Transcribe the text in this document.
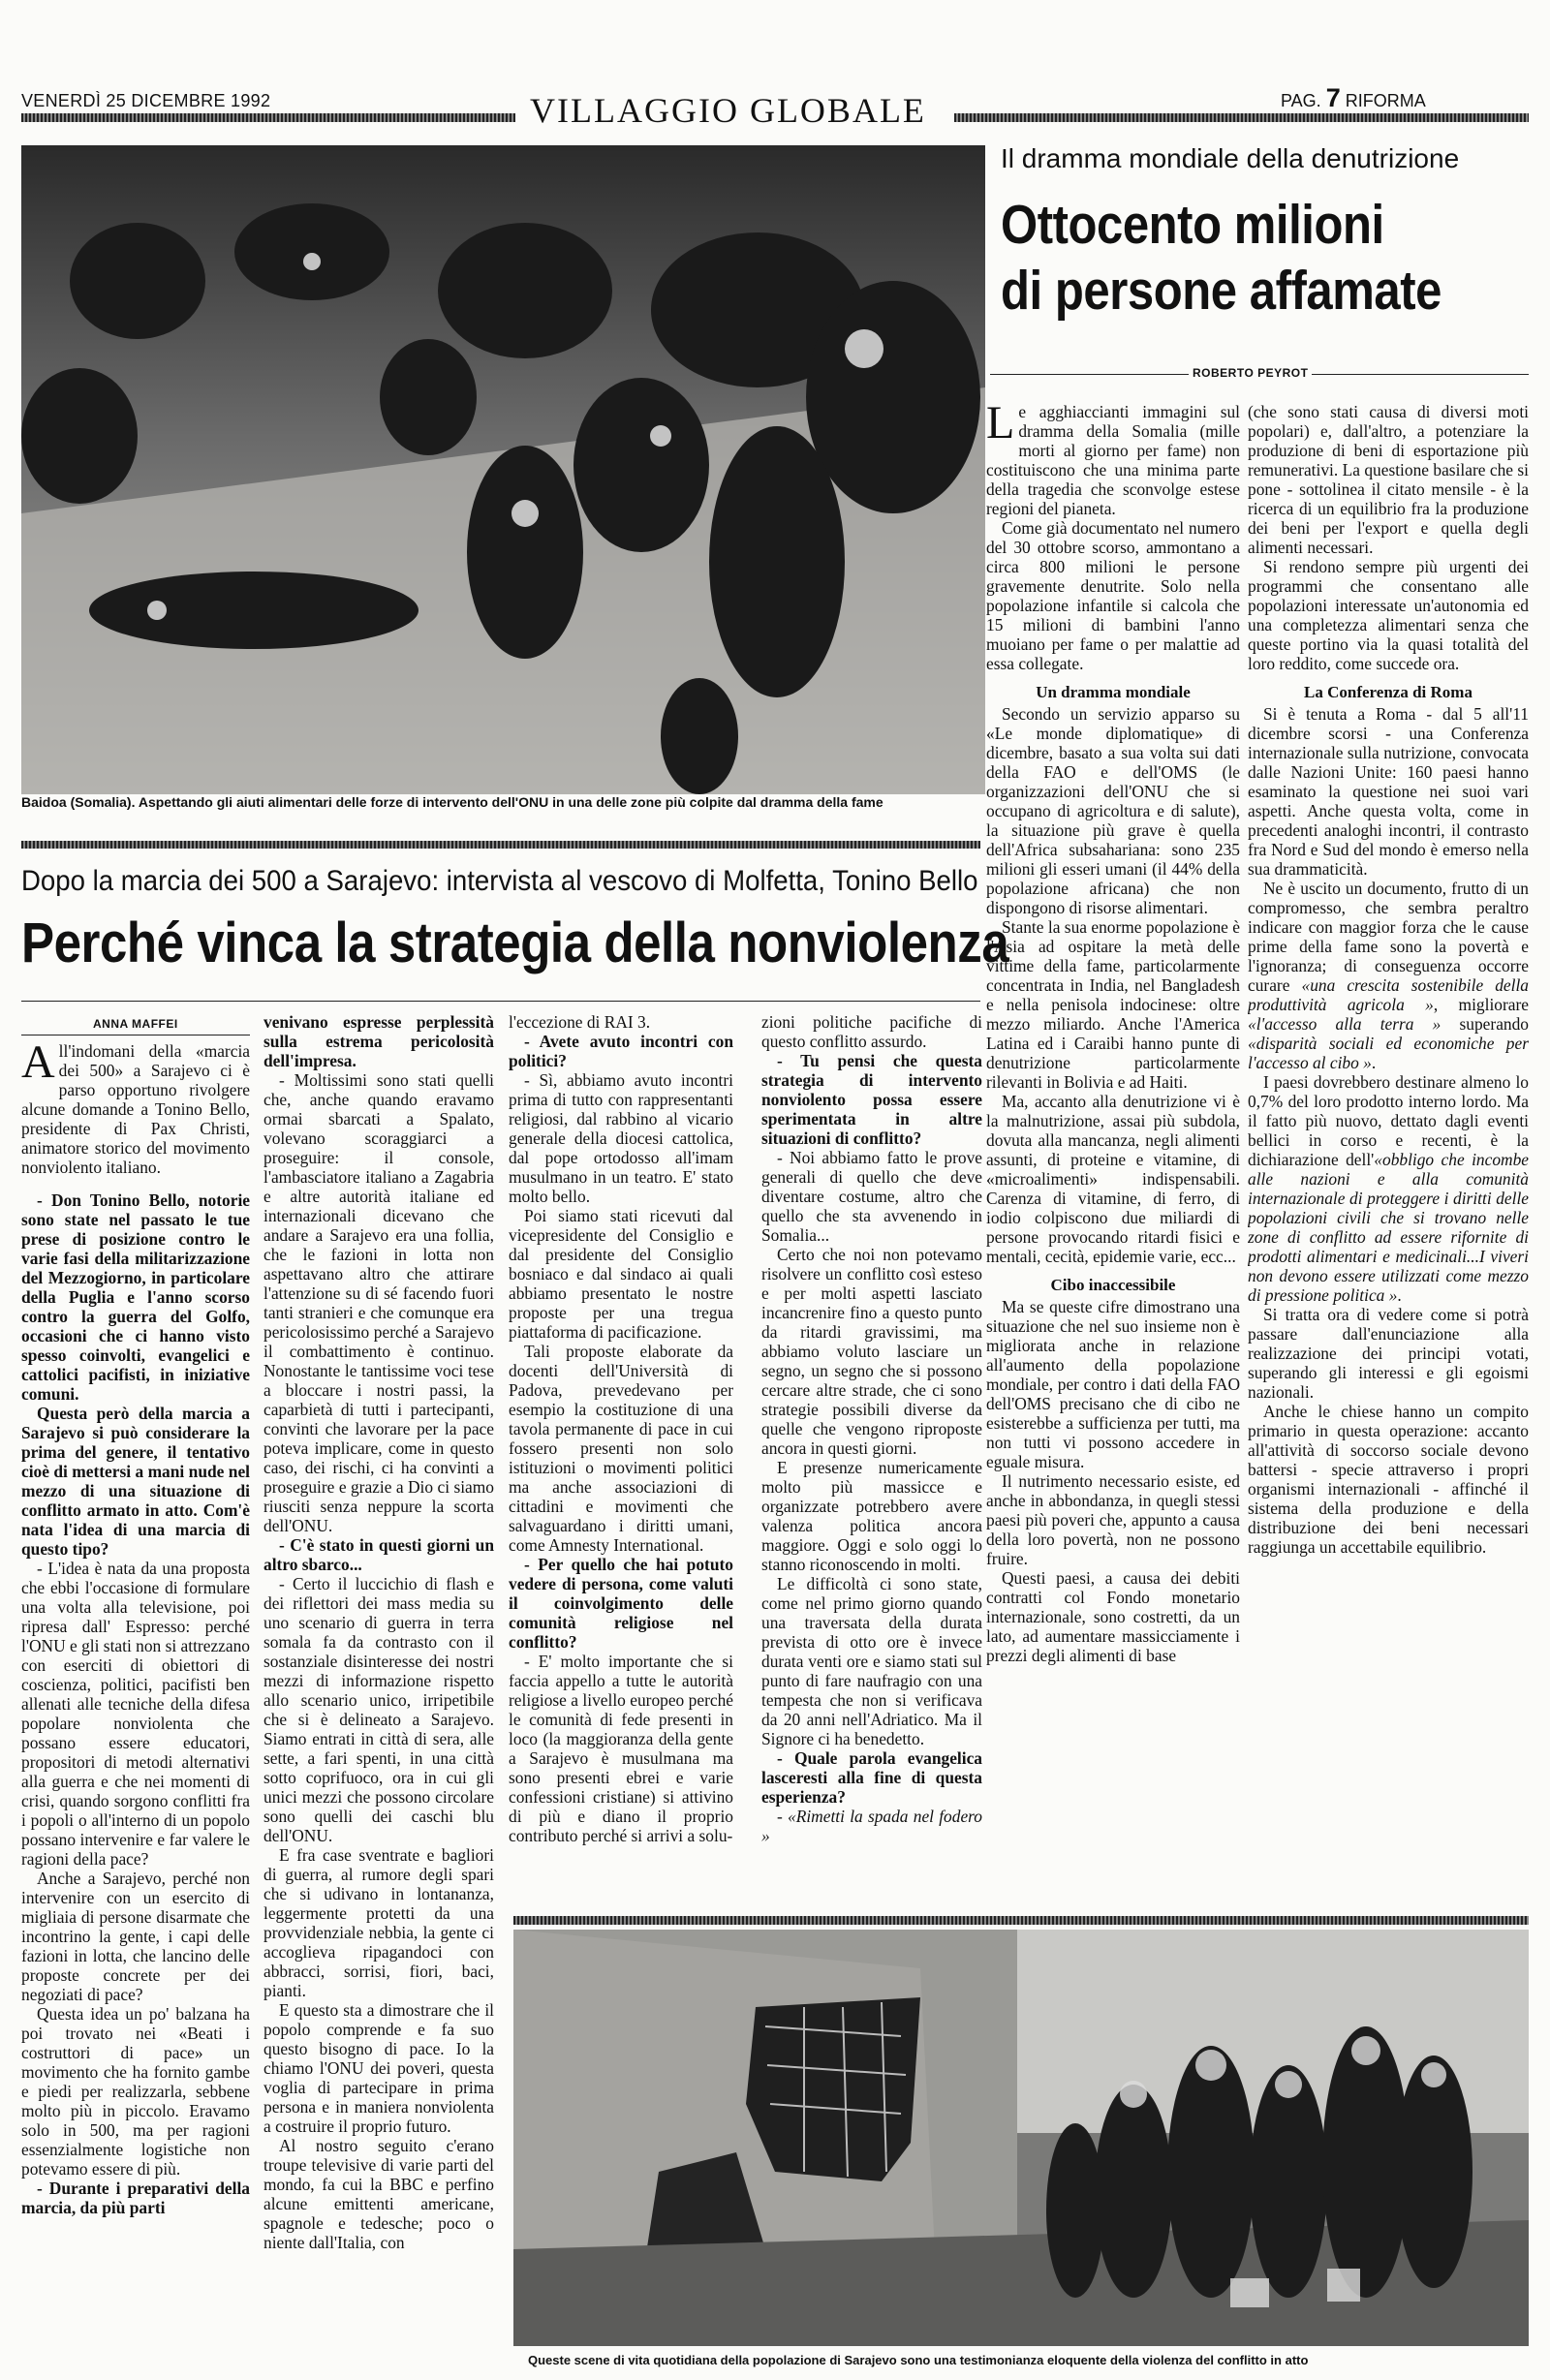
VENERDÌ 25 DICEMBRE 1992	VILLAGGIO GLOBALE	PAG. 7 RIFORMA
Baidoa (Somalia). Aspettando gli aiuti alimentari delle forze di intervento dell'ONU in una delle zone più colpite dal dramma della fame
Il dramma mondiale della denutrizione
Ottocento milioni
di persone affamate
ROBERTO PEYROT

Le agghiaccianti immagini sul dramma della Somalia (mille morti al giorno per fame) non costituiscono che una minima parte della tragedia che sconvolge estese regioni del pianeta.

Come già documentato nel numero del 30 ottobre scorso, ammontano a circa 800 milioni le persone gravemente denutrite. Solo nella popolazione infantile si calcola che 15 milioni di bambini l'anno muoiano per fame o per malattie ad essa collegate.

Un dramma mondiale

Secondo un servizio apparso su «Le monde diplomatique» di dicembre, basato a sua volta sui dati della FAO e dell'OMS (le organizzazioni dell'ONU che si occupano di agricoltura e di salute), la situazione più grave è quella dell'Africa subsahariana: sono 235 milioni gli esseri umani (il 44% della popolazione africana) che non dispongono di risorse alimentari.

Stante la sua enorme popolazione è l'Asia ad ospitare la metà delle vittime della fame, particolarmente concentrata in India, nel Bangladesh e nella penisola indocinese: oltre mezzo miliardo. Anche l'America Latina ed i Caraibi hanno punte di denutrizione particolarmente rilevanti in Bolivia e ad Haiti.

Ma, accanto alla denutrizione vi è la malnutrizione, assai più subdola, dovuta alla mancanza, negli alimenti assunti, di proteine e vitamine, di «microalimenti» indispensabili. Carenza di vitamine, di ferro, di iodio colpiscono due miliardi di persone provocando ritardi fisici e mentali, cecità, epidemie varie, ecc...

Cibo inaccessibile

Ma se queste cifre dimostrano una situazione che nel suo insieme non è migliorata anche in relazione all'aumento della popolazione mondiale, per contro i dati della FAO dell'OMS precisano che di cibo ne esisterebbe a sufficienza per tutti, ma non tutti vi possono accedere in eguale misura.

Il nutrimento necessario esiste, ed anche in abbondanza, in quegli stessi paesi più poveri che, appunto a causa della loro povertà, non ne possono fruire.

Questi paesi, a causa dei debiti contratti col Fondo monetario internazionale, sono costretti, da un lato, ad aumentare massicciamente i prezzi degli alimenti di base

(che sono stati causa di diversi moti popolari) e, dall'altro, a potenziare la produzione di beni di esportazione più remunerativi. La questione basilare che si pone - sottolinea il citato mensile - è la ricerca di un equilibrio fra la produzione dei beni per l'export e quella degli alimenti necessari.

Si rendono sempre più urgenti dei programmi che consentano alle popolazioni interessate un'autonomia ed una completezza alimentari senza che queste portino via la quasi totalità del loro reddito, come succede ora.

La Conferenza di Roma

Si è tenuta a Roma - dal 5 all'11 dicembre scorsi - una Conferenza internazionale sulla nutrizione, convocata dalle Nazioni Unite: 160 paesi hanno esaminato la questione nei suoi vari aspetti. Anche questa volta, come in precedenti analoghi incontri, il contrasto fra Nord e Sud del mondo è emerso nella sua drammaticità.

Ne è uscito un documento, frutto di un compromesso, che sembra peraltro indicare con maggior forza che le cause prime della fame sono la povertà e l'ignoranza; di conseguenza occorre curare «una crescita sostenibile della produttività agricola », migliorare «l'accesso alla terra » superando «disparità sociali ed economiche per l'accesso al cibo ».

I paesi dovrebbero destinare almeno lo 0,7% del loro prodotto interno lordo. Ma il fatto più nuovo, dettato dagli eventi bellici in corso e recenti, è la dichiarazione dell'«obbligo che incombe alle nazioni e alla comunità internazionale di proteggere i diritti delle popolazioni civili che si trovano nelle zone di conflitto ad essere rifornite di prodotti alimentari e medicinali...I viveri non devono essere utilizzati come mezzo di pressione politica ».

Si tratta ora di vedere come si potrà passare dall'enunciazione alla realizzazione dei principi votati, superando gli interessi e gli egoismi nazionali.

Anche le chiese hanno un compito primario in questa operazione: accanto all'attività di soccorso sociale devono battersi - specie attraverso i propri organismi internazionali - affinché il sistema della produzione e della distribuzione dei beni necessari raggiunga un accettabile equilibrio.

Dopo la marcia dei 500 a Sarajevo: intervista al vescovo di Molfetta, Tonino Bello
Perché vinca la strategia della nonviolenza
ANNA MAFFEI

All'indomani della «marcia dei 500» a Sarajevo ci è parso opportuno rivolgere alcune domande a Tonino Bello, presidente di Pax Christi, animatore storico del movimento nonviolento italiano.

- Don Tonino Bello, notorie sono state nel passato le tue prese di posizione contro le varie fasi della militarizzazione del Mezzogiorno, in particolare della Puglia e l'anno scorso contro la guerra del Golfo, occasioni che ci hanno visto spesso coinvolti, evangelici e cattolici pacifisti, in iniziative comuni.

Questa però della marcia a Sarajevo si può considerare la prima del genere, il tentativo cioè di mettersi a mani nude nel mezzo di una situazione di conflitto armato in atto. Com'è nata l'idea di una marcia di questo tipo?

- L'idea è nata da una proposta che ebbi l'occasione di formulare una volta alla televisione, poi ripresa dall' Espresso: perché l'ONU e gli stati non si attrezzano con eserciti di obiettori di coscienza, politici, pacifisti ben allenati alle tecniche della difesa popolare nonviolenta che possano essere educatori, propositori di metodi alternativi alla guerra e che nei momenti di crisi, quando sorgono conflitti fra i popoli o all'interno di un popolo possano intervenire e far valere le ragioni della pace?

Anche a Sarajevo, perché non intervenire con un esercito di migliaia di persone disarmate che incontrino la gente, i capi delle fazioni in lotta, che lancino delle proposte concrete per dei negoziati di pace?

Questa idea un po' balzana ha poi trovato nei «Beati i costruttori di pace» un movimento che ha fornito gambe e piedi per realizzarla, sebbene molto più in piccolo. Eravamo solo in 500, ma per ragioni essenzialmente logistiche non potevamo essere di più.

- Durante i preparativi della marcia, da più parti

venivano espresse perplessità sulla estrema pericolosità dell'impresa.

- Moltissimi sono stati quelli che, anche quando eravamo ormai sbarcati a Spalato, volevano scoraggiarci a proseguire: il console, l'ambasciatore italiano a Zagabria e altre autorità italiane ed internazionali dicevano che andare a Sarajevo era una follia, che le fazioni in lotta non aspettavano altro che attirare l'attenzione su di sé facendo fuori tanti stranieri e che comunque era pericolosissimo perché a Sarajevo il combattimento è continuo. Nonostante le tantissime voci tese a bloccare i nostri passi, la caparbietà di tutti i partecipanti, convinti che lavorare per la pace poteva implicare, come in questo caso, dei rischi, ci ha convinti a proseguire e grazie a Dio ci siamo riusciti senza neppure la scorta dell'ONU.

- C'è stato in questi giorni un altro sbarco...

- Certo il luccichio di flash e dei riflettori dei mass media su uno scenario di guerra in terra somala fa da contrasto con il sostanziale disinteresse dei nostri mezzi di informazione rispetto allo scenario unico, irripetibile che si è delineato a Sarajevo. Siamo entrati in città di sera, alle sette, a fari spenti, in una città sotto coprifuoco, ora in cui gli unici mezzi che possono circolare sono quelli dei caschi blu dell'ONU.

E fra case sventrate e bagliori di guerra, al rumore degli spari che si udivano in lontananza, leggermente protetti da una provvidenziale nebbia, la gente ci accoglieva ripagandoci con abbracci, sorrisi, fiori, baci, pianti.

E questo sta a dimostrare che il popolo comprende e fa suo questo bisogno di pace. Io la chiamo l'ONU dei poveri, questa voglia di partecipare in prima persona e in maniera nonviolenta a costruire il proprio futuro.

Al nostro seguito c'erano troupe televisive di varie parti del mondo, fa cui la BBC e perfino alcune emittenti americane, spagnole e tedesche; poco o niente dall'Italia, con

l'eccezione di RAI 3.

- Avete avuto incontri con politici?

- Sì, abbiamo avuto incontri prima di tutto con rappresentanti religiosi, dal rabbino al vicario generale della diocesi cattolica, dal pope ortodosso all'imam musulmano in un teatro. E' stato molto bello.

Poi siamo stati ricevuti dal vicepresidente del Consiglio e dal presidente del Consiglio bosniaco e dal sindaco ai quali abbiamo presentato le nostre proposte per una tregua piattaforma di pacificazione.

Tali proposte elaborate da docenti dell'Università di Padova, prevedevano per esempio la costituzione di una tavola permanente di pace in cui fossero presenti non solo istituzioni o movimenti politici ma anche associazioni di cittadini e movimenti che salvaguardano i diritti umani, come Amnesty International.

- Per quello che hai potuto vedere di persona, come valuti il coinvolgimento delle comunità religiose nel conflitto?

- E' molto importante che si faccia appello a tutte le autorità religiose a livello europeo perché le comunità di fede presenti in loco (la maggioranza della gente a Sarajevo è musulmana ma sono presenti ebrei e varie confessioni cristiane) si attivino di più e diano il proprio contributo perché si arrivi a solu-

zioni politiche pacifiche di questo conflitto assurdo.

- Tu pensi che questa strategia di intervento nonviolento possa essere sperimentata in altre situazioni di conflitto?

- Noi abbiamo fatto le prove generali di quello che deve diventare costume, altro che quello che sta avvenendo in Somalia...

Certo che noi non potevamo risolvere un conflitto così esteso e per molti aspetti lasciato incancrenire fino a questo punto da ritardi gravissimi, ma abbiamo voluto lasciare un segno, un segno che si possono cercare altre strade, che ci sono strategie possibili diverse da quelle che vengono riproposte ancora in questi giorni.

E presenze numericamente molto più massicce e organizzate potrebbero avere valenza politica ancora maggiore. Oggi e solo oggi lo stanno riconoscendo in molti.

Le difficoltà ci sono state, come nel primo giorno quando una traversata della durata prevista di otto ore è invece durata venti ore e siamo stati sul punto di fare naufragio con una tempesta che non si verificava da 20 anni nell'Adriatico. Ma il Signore ci ha benedetto.

- Quale parola evangelica lasceresti alla fine di questa esperienza?

- «Rimetti la spada nel fodero »

Queste scene di vita quotidiana della popolazione di Sarajevo sono una testimonianza eloquente della violenza del conflitto in atto
